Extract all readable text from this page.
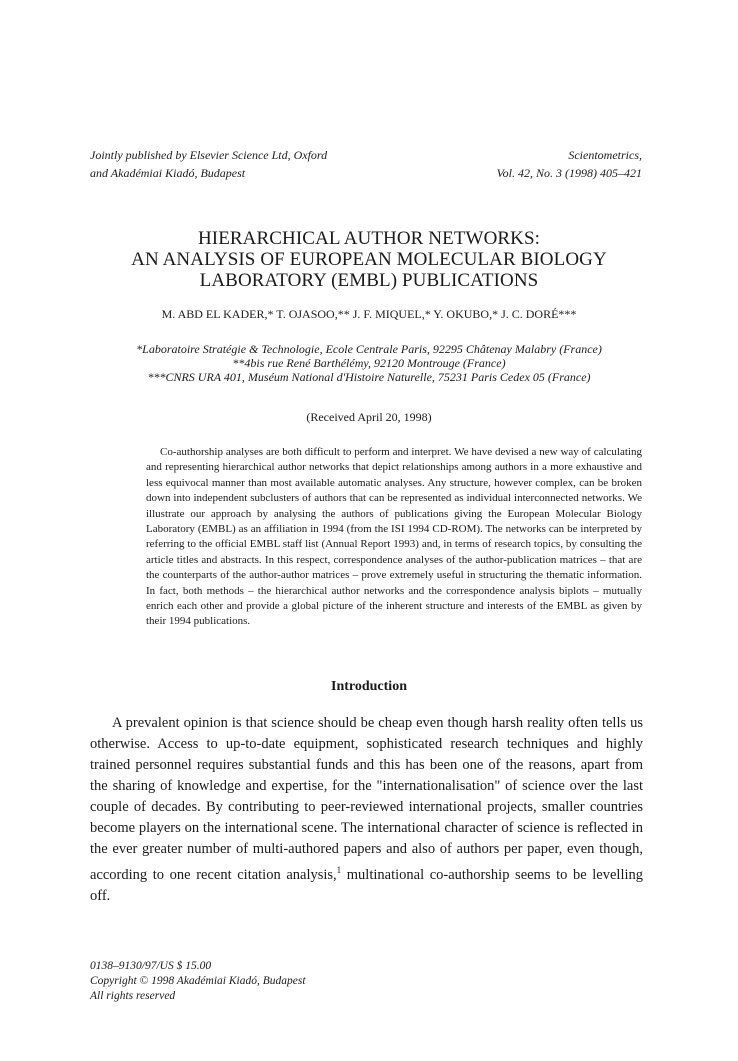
Jointly published by Elsevier Science Ltd, Oxford
and Akadémiai Kiadó, Budapest
Scientometrics,
Vol. 42, No. 3 (1998) 405–421
HIERARCHICAL AUTHOR NETWORKS:
AN ANALYSIS OF EUROPEAN MOLECULAR BIOLOGY
LABORATORY (EMBL) PUBLICATIONS
M. ABD EL KADER,* T. OJASOO,** J. F. MIQUEL,* Y. OKUBO,* J. C. DORÉ***
*Laboratoire Stratégie & Technologie, Ecole Centrale Paris, 92295 Châtenay Malabry (France)
**4bis rue René Barthélémy, 92120 Montrouge (France)
***CNRS URA 401, Muséum National d'Histoire Naturelle, 75231 Paris Cedex 05 (France)
(Received April 20, 1998)

Co-authorship analyses are both difficult to perform and interpret. We have devised a new way of calculating and representing hierarchical author networks that depict relationships among authors in a more exhaustive and less equivocal manner than most available automatic analyses. Any structure, however complex, can be broken down into independent subclusters of authors that can be represented as individual interconnected networks. We illustrate our approach by analysing the authors of publications giving the European Molecular Biology Laboratory (EMBL) as an affiliation in 1994 (from the ISI 1994 CD-ROM). The networks can be interpreted by referring to the official EMBL staff list (Annual Report 1993) and, in terms of research topics, by consulting the article titles and abstracts. In this respect, correspondence analyses of the author-publication matrices – that are the counterparts of the author-author matrices – prove extremely useful in structuring the thematic information. In fact, both methods – the hierarchical author networks and the correspondence analysis biplots – mutually enrich each other and provide a global picture of the inherent structure and interests of the EMBL as given by their 1994 publications.

Introduction

A prevalent opinion is that science should be cheap even though harsh reality often tells us otherwise. Access to up-to-date equipment, sophisticated research techniques and highly trained personnel requires substantial funds and this has been one of the reasons, apart from the sharing of knowledge and expertise, for the "internationalisation" of science over the last couple of decades. By contributing to peer-reviewed international projects, smaller countries become players on the international scene. The international character of science is reflected in the ever greater number of multi-authored papers and also of authors per paper, even though, according to one recent citation analysis,$^1$ multinational co-authorship seems to be levelling off.

0138–9130/97/US $ 15.00
Copyright © 1998 Akadémiai Kiadó, Budapest
All rights reserved
